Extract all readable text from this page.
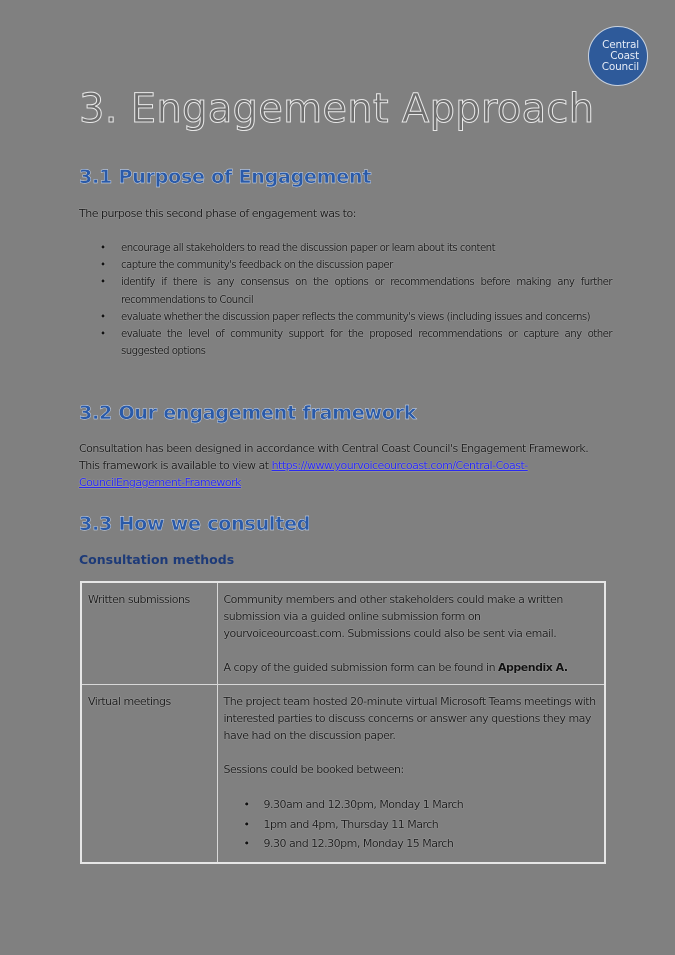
Central
Coast
Council
3. Engagement Approach
3.1 Purpose of Engagement

The purpose this second phase of engagement was to:

• encourage all stakeholders to read the discussion paper or learn about its content
• capture the community's feedback on the discussion paper
• identify if there is any consensus on the options or recommendations before making any further recommendations to Council
• evaluate whether the discussion paper reflects the community's views (including issues and concerns)
• evaluate the level of community support for the proposed recommendations or capture any other suggested options
3.2 Our engagement framework

Consultation has been designed in accordance with Central Coast Council's Engagement Framework. This framework is available to view at https://www.yourvoiceourcoast.com/Central-Coast-CouncilEngagement-Framework

3.3 How we consulted
Consultation methods
Written submissions	Community members and other stakeholders could make a written submission via a guided online submission form on yourvoiceourcoast.com. Submissions could also be sent via email.

A copy of the guided submission form can be found in Appendix A.

Virtual meetings	The project team hosted 20-minute virtual Microsoft Teams meetings with interested parties to discuss concerns or answer any questions they may have had on the discussion paper.

Sessions could be booked between:

• 9.30am and 12.30pm, Monday 1 March
• 1pm and 4pm, Thursday 11 March
• 9.30 and 12.30pm, Monday 15 March
